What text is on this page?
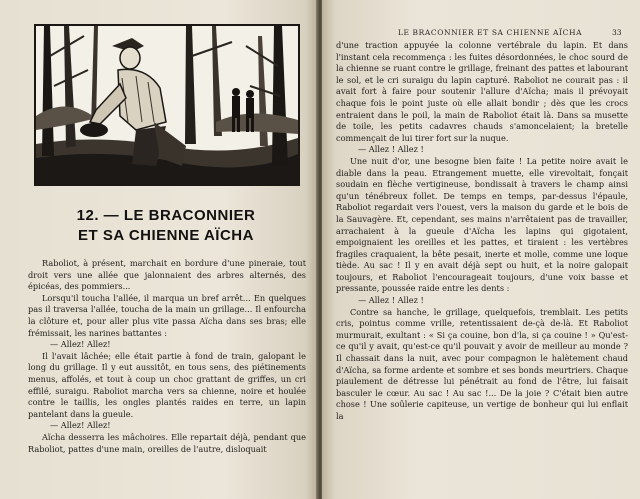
12. — LE BRACONNIER
ET SA CHIENNE AÏCHA

Raboliot, à présent, marchait en bordure d'une pineraie, tout droit vers une allée que jalonnaient des arbres alternés, des épicéas, des pommiers...

Lorsqu'il toucha l'allée, il marqua un bref arrêt... En quelques pas il traversa l'allée, toucha de la main un grillage... Il enfourcha la clôture et, pour aller plus vite passa Aïcha dans ses bras; elle frémissait, les narines battantes :

— Allez! Allez!

Il l'avait lâchée; elle était partie à fond de train, galopant le long du grillage. Il y eut aussitôt, en tous sens, des piétinements menus, affolés, et tout à coup un choc grattant de griffes, un cri effilé, suraigu. Raboliot marcha vers sa chienne, noire et houlée contre le taillis, les ongles plantés raides en terre, un lapin pantelant dans la gueule.

— Allez! Allez!

Aïcha desserra les mâchoires. Elle repartait déjà, pendant que Raboliot, pattes d'une main, oreilles de l'autre, disloquait

LE BRACONNIER ET SA CHIENNE AÏCHA	33

d'une traction appuyée la colonne vertébrale du lapin. Et dans l'instant cela recommença : les fuites désordonnées, le choc sourd de la chienne se ruant contre le grillage, freinant des pattes et labourant le sol, et le cri suraigu du lapin capturé. Raboliot ne courait pas : il avait fort à faire pour soutenir l'allure d'Aïcha; mais il prévoyait chaque fois le point juste où elle allait bondir ; dès que les crocs entraient dans le poil, la main de Raboliot était là. Dans sa musette de toile, les petits cadavres chauds s'amoncelaient; la bretelle commençait de lui tirer fort sur la nuque.

— Allez ! Allez !

Une nuit d'or, une besogne bien faite ! La petite noire avait le diable dans la peau. Etrangement muette, elle virevoltait, fonçait soudain en flèche vertigineuse, bondissait à travers le champ ainsi qu'un ténébreux follet. De temps en temps, par-dessus l'épaule, Raboliot regardait vers l'ouest, vers la maison du garde et le bois de la Sauvagère. Et, cependant, ses mains n'arrêtaient pas de travailler, arrachaient à la gueule d'Aïcha les lapins qui gigotaient, empoignaient les oreilles et les pattes, et tiraient : les vertèbres fragiles craquaient, la bête pesait, inerte et molle, comme une loque tiède. Au sac ! Il y en avait déjà sept ou huit, et la noire galopait toujours, et Raboliot l'encourageait toujours, d'une voix basse et pressante, poussée raide entre les dents :

— Allez ! Allez !

Contre sa hanche, le grillage, quelquefois, tremblait. Les petits cris, pointus comme vrille, retentissaient de-çà de-là. Et Raboliot murmurait, exultant : « Si ça couine, bon d'la, si ça couine ! » Qu'est-ce qu'il y avait, qu'est-ce qu'il pouvait y avoir de meilleur au monde ? Il chassait dans la nuit, avec pour compagnon le halètement chaud d'Aïcha, sa forme ardente et sombre et ses bonds meurtriers. Chaque piaulement de détresse lui pénétrait au fond de l'être, lui faisait basculer le cœur. Au sac ! Au sac !... De la joie ? C'était bien autre chose ! Une soûlerie capiteuse, un vertige de bonheur qui lui enflait la
